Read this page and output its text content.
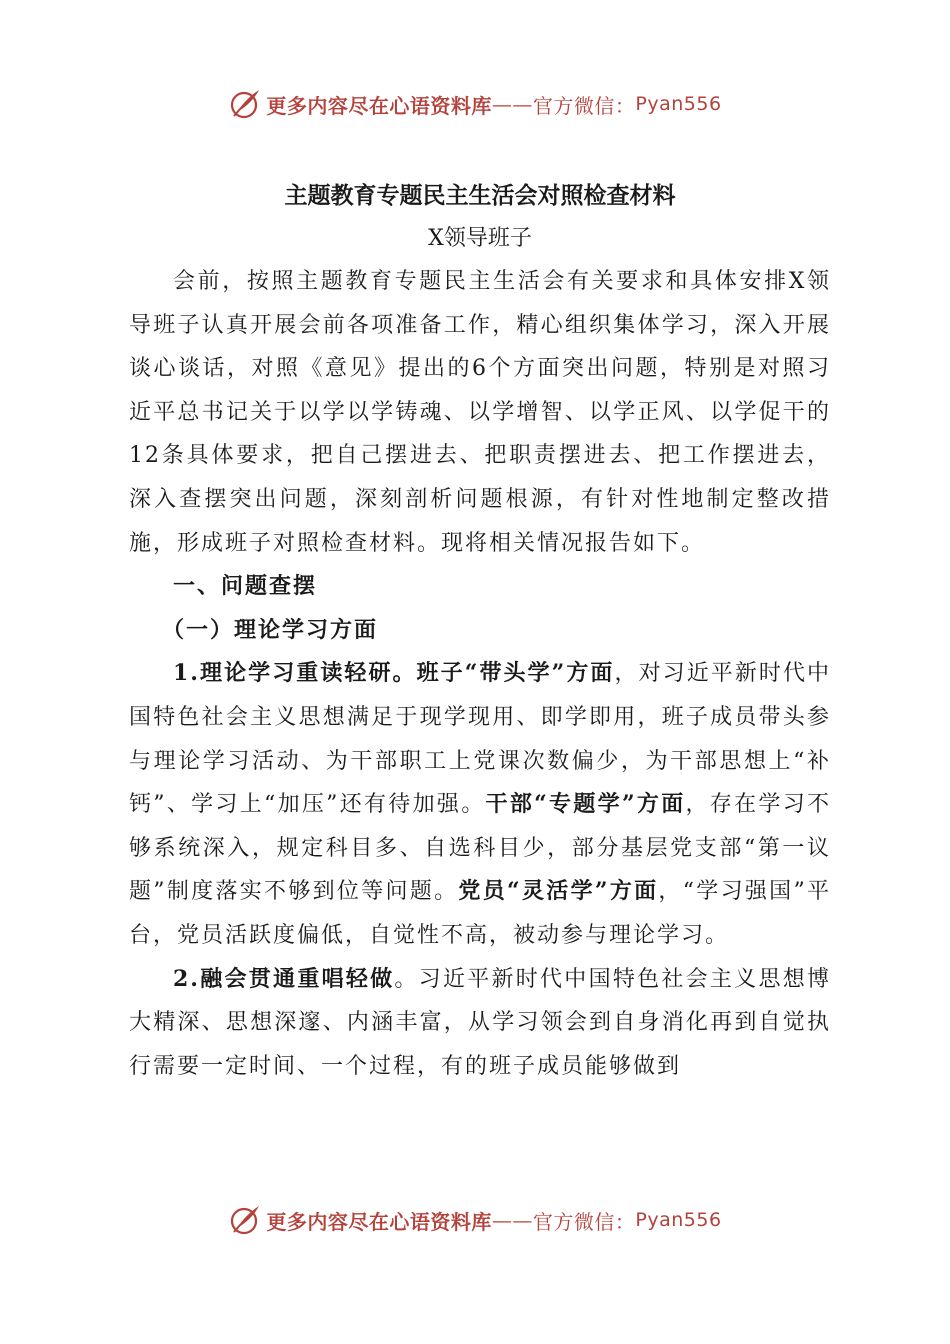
更多内容尽在心语资料库 —— 官方微信： Pyan556
主题教育专题民主生活会对照检查材料
X领导班子

会前，按照主题教育专题民主生活会有关要求和具体安排X领导班子认真开展会前各项准备工作，精心组织集体学习，深入开展谈心谈话，对照《意见》提出的6个方面突出问题，特别是对照习近平总书记关于以学以学铸魂、以学增智、以学正风、以学促干的12条具体要求，把自己摆进去、把职责摆进去、把工作摆进去，深入查摆突出问题，深刻剖析问题根源，有针对性地制定整改措施，形成班子对照检查材料。现将相关情况报告如下。

一、问题查摆
（一）理论学习方面

1.理论学习重读轻研。班子“带头学”方面，对习近平新时代中国特色社会主义思想满足于现学现用、即学即用，班子成员带头参与理论学习活动、为干部职工上党课次数偏少，为干部思想上“补钙”、学习上“加压”还有待加强。干部“专题学”方面，存在学习不够系统深入，规定科目多、自选科目少，部分基层党支部“第一议题”制度落实不够到位等问题。党员“灵活学”方面，“学习强国”平台，党员活跃度偏低，自觉性不高，被动参与理论学习。

2.融会贯通重唱轻做。习近平新时代中国特色社会主义思想博大精深、思想深邃、内涵丰富，从学习领会到自身消化再到自觉执行需要一定时间、一个过程，有的班子成员能够做到

更多内容尽在心语资料库 —— 官方微信： Pyan556
